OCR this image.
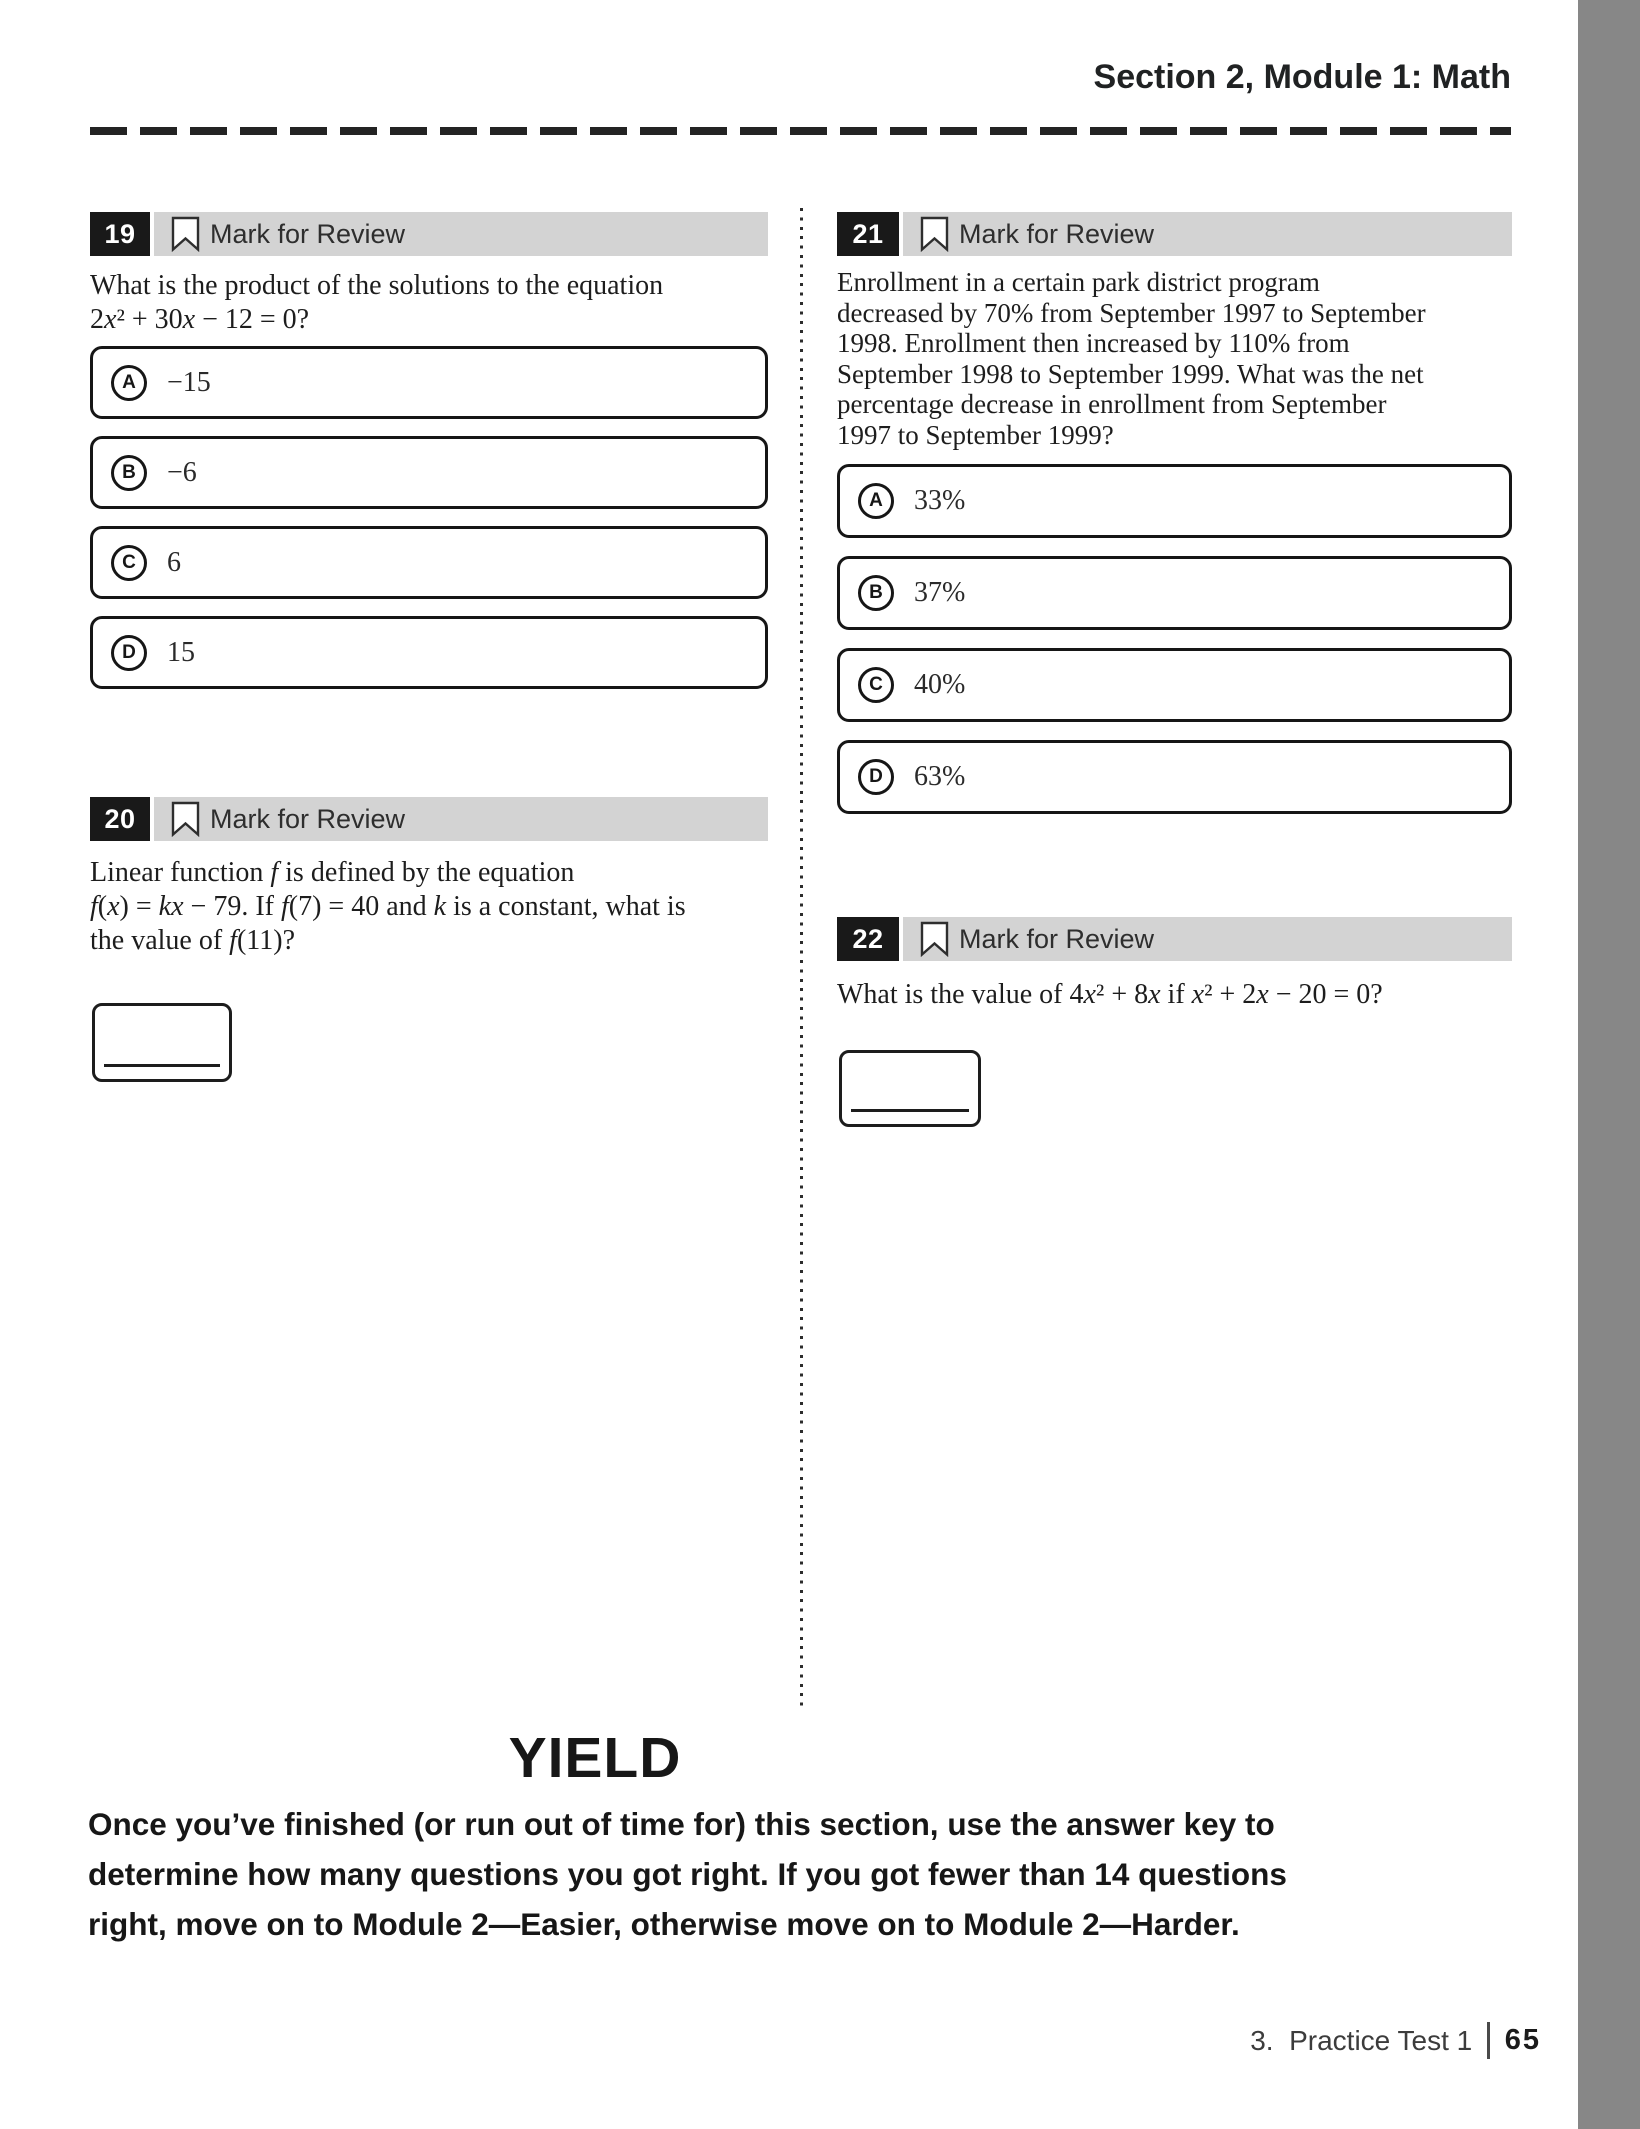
Section 2, Module 1: Math
19	Mark for Review
What is the product of the solutions to the equation
2x² + 30x − 12 = 0?
A	−15
B	−6
C	6
D	15
20	Mark for Review
Linear function f is defined by the equation
f(x) = kx − 79. If f(7) = 40 and k is a constant, what is
the value of f(11)?
21	Mark for Review
Enrollment in a certain park district program
decreased by 70% from September 1997 to September
1998. Enrollment then increased by 110% from
September 1998 to September 1999. What was the net
percentage decrease in enrollment from September
1997 to September 1999?
A	33%
B	37%
C	40%
D	63%
22	Mark for Review
What is the value of 4x² + 8x if x² + 2x − 20 = 0?
YIELD
Once you’ve finished (or run out of time for) this section, use the answer key to
determine how many questions you got right. If you got fewer than 14 questions
right, move on to Module 2—Easier, otherwise move on to Module 2—Harder.
3.  Practice Test 1 65
